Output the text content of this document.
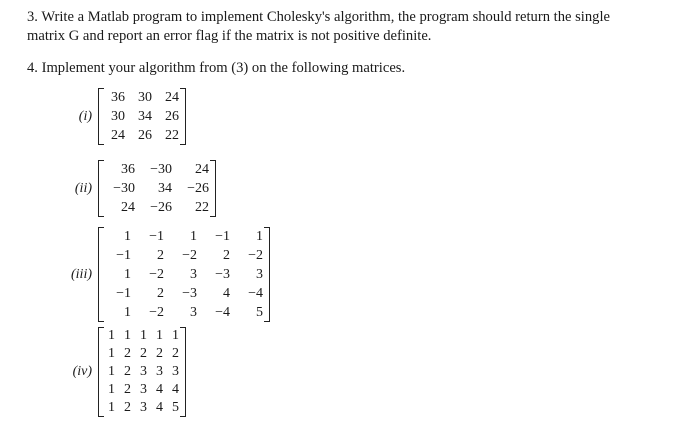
3. Write a Matlab program to implement Cholesky's algorithm, the program should return the single
matrix G and report an error flag if the matrix is not positive definite.

4. Implement your algorithm from (3) on the following matrices.

(i)
36	30	24
30	34	26
24	26	22
(ii)
36	−30	24
−30	34	−26
24	−26	22
(iii)
1	−1	1	−1	1
−1	2	−2	2	−2
1	−2	3	−3	3
−1	2	−3	4	−4
1	−2	3	−4	5
(iv)
1	1	1	1	1
1	2	2	2	2
1	2	3	3	3
1	2	3	4	4
1	2	3	4	5
